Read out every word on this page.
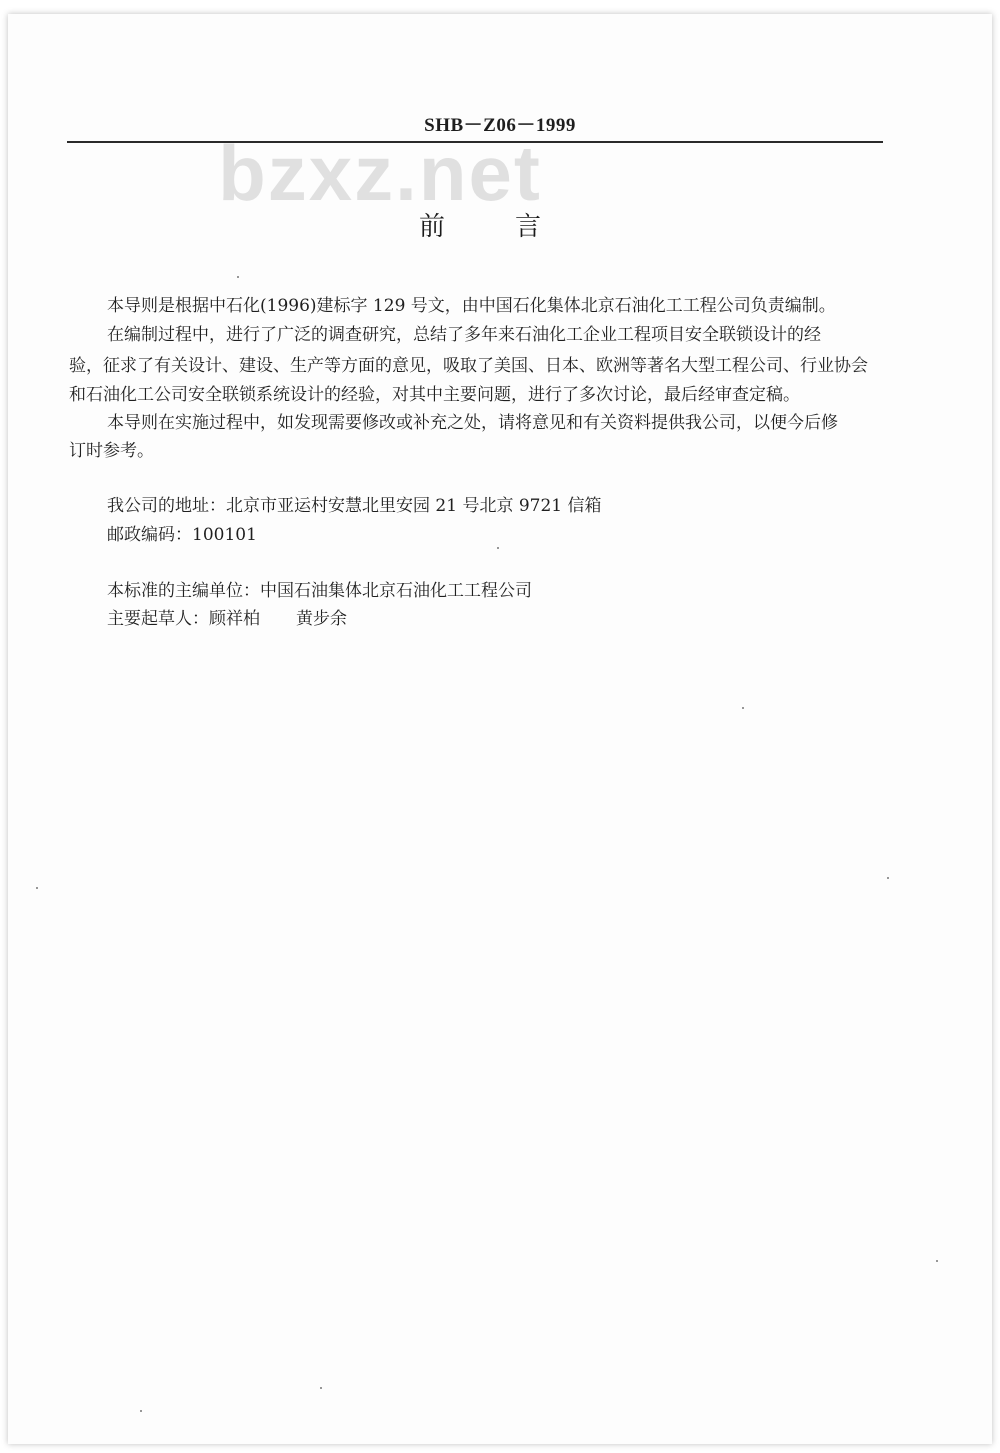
SHB－Z06－1999
bzxz.net
前言
本导则是根据中石化(1996)建标字 129 号文，由中国石化集体北京石油化工工程公司负责编制。
在编制过程中，进行了广泛的调查研究，总结了多年来石油化工企业工程项目安全联锁设计的经
验，征求了有关设计、建设、生产等方面的意见，吸取了美国、日本、欧洲等著名大型工程公司、行业协会
和石油化工公司安全联锁系统设计的经验，对其中主要问题，进行了多次讨论，最后经审查定稿。
本导则在实施过程中，如发现需要修改或补充之处，请将意见和有关资料提供我公司，以便今后修
订时参考。
我公司的地址：北京市亚运村安慧北里安园 21 号北京 9721 信箱
邮政编码：100101
本标准的主编单位：中国石油集体北京石油化工工程公司
主要起草人：顾祥柏 黄步余
